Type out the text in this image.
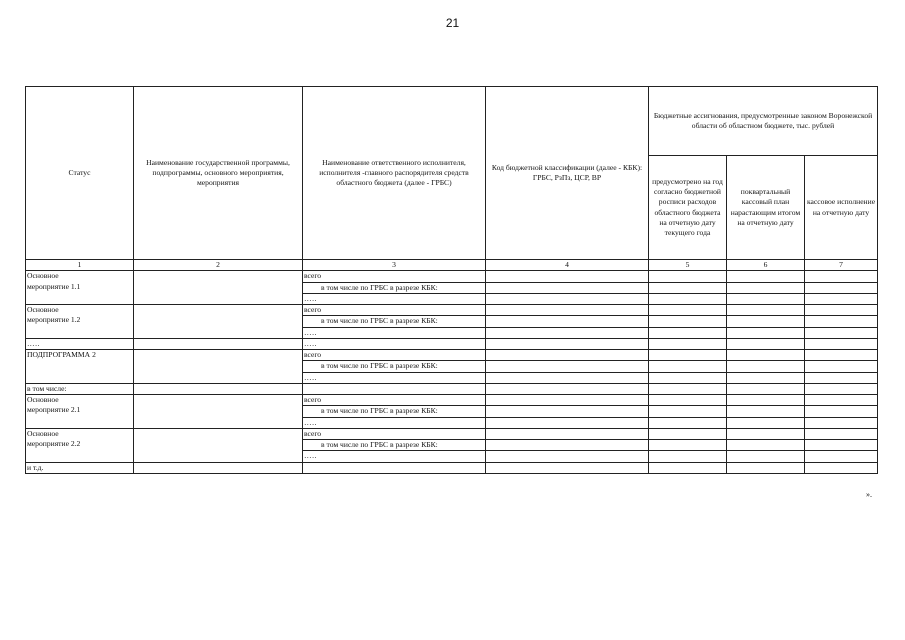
21
Статус	Наименование государственной программы, подпрограммы, основного мероприятия, мероприятия	Наименование ответственного исполнителя, исполнителя -главного распорядителя средств областного бюджета (далее - ГРБС)	Код бюджетной классификации (далее - КБК): ГРБС, РзПз, ЦСР, ВР	Бюджетные ассигнования, предусмотренные законом Воронежской области об областном бюджете, тыс. рублей		
				предусмотрено на год согласно бюджетной росписи расходов областного бюджета на отчетную дату текущего года	поквартальный кассовый план нарастающим итогом на отчетную дату	кассовое исполнение на отчетную дату
1	2	3	4	5	6	7
Основное
мероприятие 1.1		всего				
		в том числе по ГРБС в разрезе КБК:				
		…..				
Основное
мероприятие 1.2		всего				
		в том числе по ГРБС в разрезе КБК:				
		…..				
…..		…..				
ПОДПРОГРАММА 2		всего				
		в том числе по ГРБС в разрезе КБК:				
		…..				
в том числе:						
Основное
мероприятие 2.1		всего				
		в том числе по ГРБС в разрезе КБК:				
		…..				
Основное
мероприятие 2.2		всего				
		в том числе по ГРБС в разрезе КБК:				
		…..				
и т.д.						
».
